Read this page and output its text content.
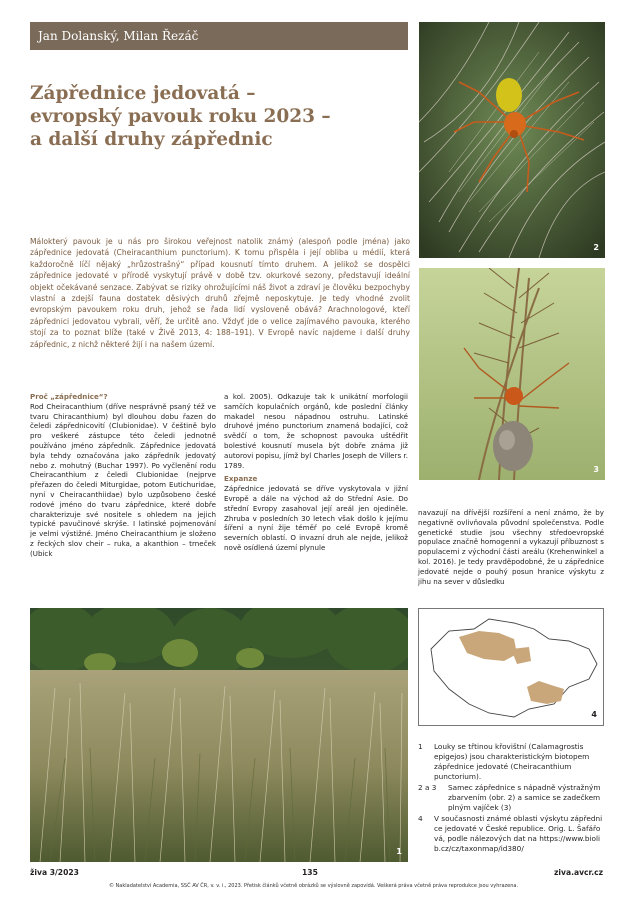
Jan Dolanský, Milan Řezáč
Zápřednice jedovatá –
evropský pavouk roku 2023 –
a další druhy zápřednic
2
3
Málokterý pavouk je u nás pro širokou veřejnost natolik známý (alespoň podle jména) jako zápřednice jedovatá (Cheiracanthium punctorium). K tomu přispěla i její obliba u médií, která každoročně líčí nějaký „hrůzostrašný“ případ kousnutí tímto druhem. A jelikož se dospělci zápřednice jedovaté v přírodě vyskytují právě v době tzv. okurkové sezony, představují ideální objekt očekávané senzace. Zabývat se riziky ohrožujícími náš život a zdraví je člověku bezpochyby vlastní a zdejší fauna dostatek děsivých druhů zřejmě neposkytuje. Je tedy vhodné zvolit evropským pavoukem roku druh, jehož se řada lidí vysloveně obává? Arachnologové, kteří zápřednici jedovatou vybrali, věří, že určitě ano. Vždyť jde o velice zajímavého pavouka, kterého stojí za to poznat blíže (také v Živě 2013, 4: 188–191). V Evropě navíc najdeme i další druhy zápřednic, z nichž některé žijí i na našem území.
Proč „zápřednice“?
Rod Cheiracanthium (dříve nesprávně psaný též ve tvaru Chiracanthium) byl dlouhou dobu řazen do čeledi zápřednicovití (Clubionidae). V češtině bylo pro veškeré zástupce této čeledi jednotně používáno jméno zápředník. Zápřednice jedovatá byla tehdy označována jako zápředník jedovatý nebo z. mohutný (Buchar 1997). Po vyčlenění rodu Cheiracanthium z čeledi Clubionidae (nejprve přeřazen do čeledi Miturgidae, potom Eutichuridae, nyní v Cheiracanthiidae) bylo uzpůsobeno české rodové jméno do tvaru zápřednice, které dobře charakterizuje své nositele s ohledem na jejich typické pavučinové skrýše. I latinské pojmenování je velmi výstižné. Jméno Cheiracanthium je složeno z řeckých slov cheir – ruka, a akanthion – trneček (Ubick
a kol. 2005). Odkazuje tak k unikátní morfologii samčích kopulačních orgánů, kde poslední články makadel nesou nápadnou ostruhu. Latinské druhové jméno punctorium znamená bodající, což svědčí o tom, že schopnost pavouka uštědřit bolestivé kousnutí musela být dobře známa již autorovi popisu, jímž byl Charles Joseph de Villers r. 1789.
Expanze
Zápřednice jedovatá se dříve vyskytovala v jižní Evropě a dále na východ až do Střední Asie. Do střední Evropy zasahoval její areál jen ojediněle. Zhruba v posledních 30 letech však došlo k jejímu šíření a nyní žije téměř po celé Evropě kromě severních oblastí. O invazní druh ale nejde, jelikož nově osídlená území plynule
navazují na dřívější rozšíření a není známo, že by negativně ovlivňovala původní společenstva. Podle genetické studie jsou všechny středoevropské populace značně homogenní a vykazují příbuznost s populacemi z východní části areálu (Krehenwinkel a kol. 2016). Je tedy pravděpodobné, že u zápřednice jedovaté nejde o pouhý posun hranice výskytu z jihu na sever v důsledku
1
4
1	Louky se třtinou křovištní (Calamagrostis epigejos) jsou charakteristickým biotopem zápřednice jedovaté (Cheiracanthium punctorium).
2 a 3	Samec zápřednice s nápadně výstražným zbarvením (obr. 2) a samice se zadečkem plným vajíček (3)
4	V současnosti známé oblasti výskytu zápřednice jedovaté v České republice. Orig. L. Šafářová, podle nálezových dat na https://www.biolib.cz/cz/taxonmap/id380/
živa 3/2023	135	ziva.avcr.cz
© Nakladatelství Academia, SSČ AV ČR, v. v. i., 2023. Přetisk článků včetně obrázků se výslovně zapovídá. Veškerá práva včetně práva reprodukce jsou vyhrazena.
